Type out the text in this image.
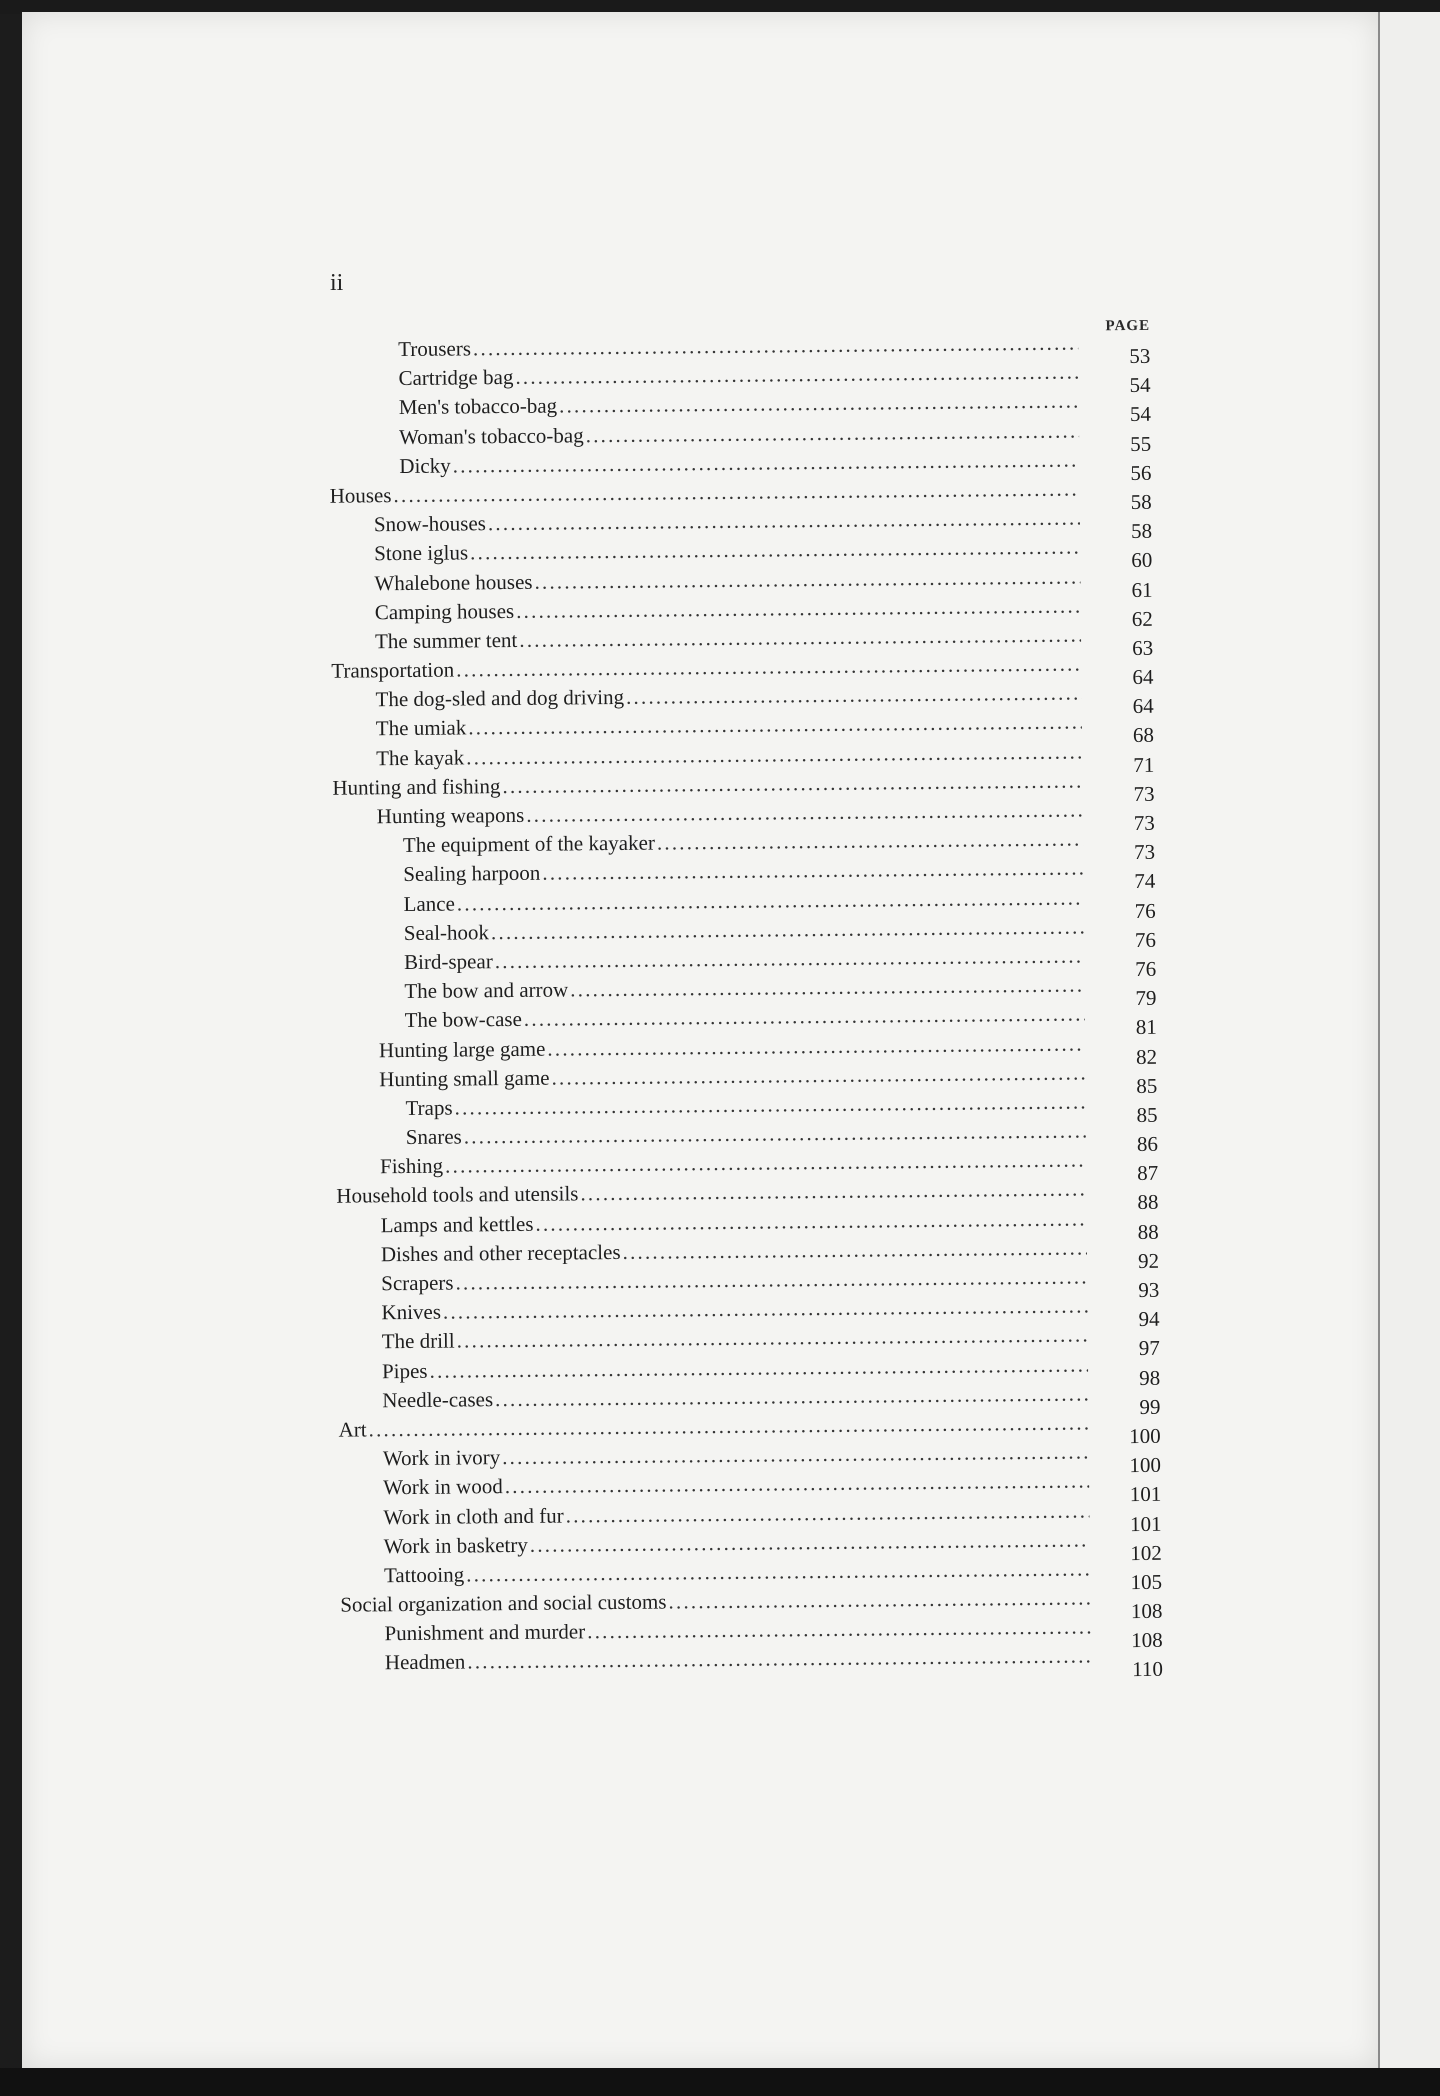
ii
PAGE
Trousers .....	53
Cartridge bag .....	54
Men's tobacco-bag .....	54
Woman's tobacco-bag .....	55
Dicky .....	56
Houses .....	58
Snow-houses .....	58
Stone iglus .....	60
Whalebone houses .....	61
Camping houses .....	62
The summer tent .....	63
Transportation .....	64
The dog-sled and dog driving .....	64
The umiak .....	68
The kayak .....	71
Hunting and fishing .....	73
Hunting weapons .....	73
The equipment of the kayaker .....	73
Sealing harpoon .....	74
Lance .....	76
Seal-hook .....	76
Bird-spear .....	76
The bow and arrow .....	79
The bow-case .....	81
Hunting large game .....	82
Hunting small game .....	85
Traps .....	85
Snares .....	86
Fishing .....	87
Household tools and utensils .....	88
Lamps and kettles .....	88
Dishes and other receptacles .....	92
Scrapers .....	93
Knives .....	94
The drill .....	97
Pipes .....	98
Needle-cases .....	99
Art .....	100
Work in ivory .....	100
Work in wood .....	101
Work in cloth and fur .....	101
Work in basketry .....	102
Tattooing .....	105
Social organization and social customs .....	108
Punishment and murder .....	108
Headmen .....	110
